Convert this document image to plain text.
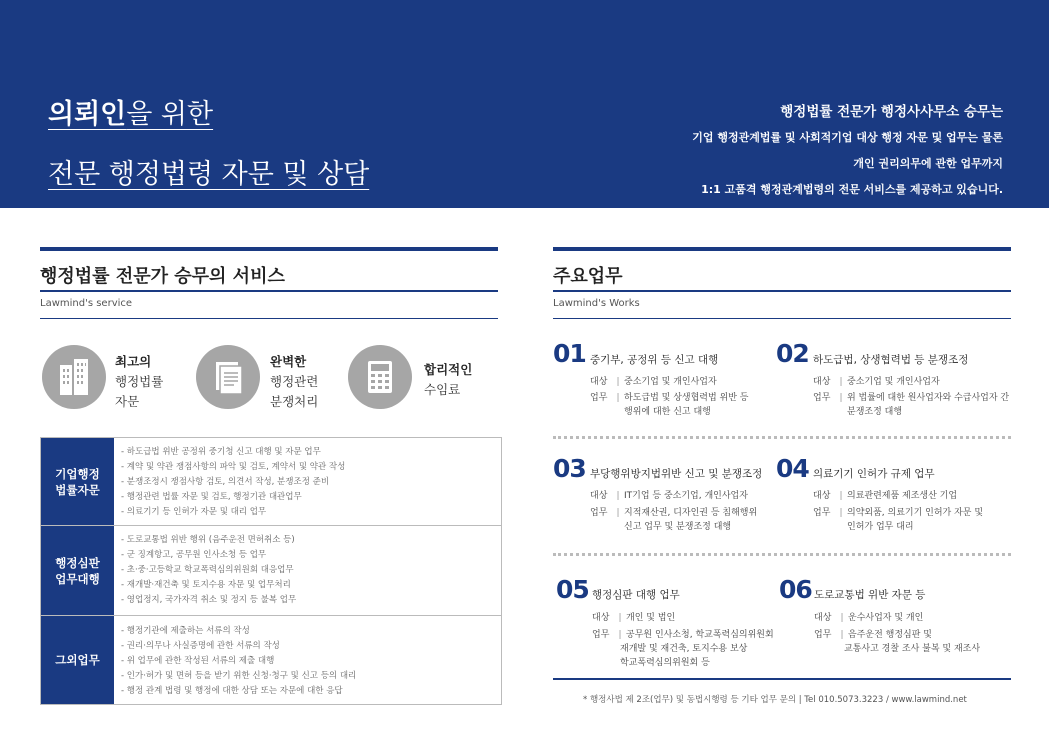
의뢰인을 위한
전문 행정법령 자문 및 상담
행정법률 전문가 행정사사무소 승무는
기업 행정관계법률 및 사회적기업 대상 행정 자문 및 업무는 물론
개인 권리의무에 관한 업무까지
1:1 고품격 행정관계법령의 전문 서비스를 제공하고 있습니다.
행정법률 전문가 승무의 서비스
Lawmind's service
최고의
행정법률
자문
완벽한
행정관련
분쟁처리
합리적인
수임료
기업행정
법률자문
- 하도급법 위반 공정위 중기청 신고 대행 및 자문 업무
- 계약 및 약관 쟁점사항의 파악 및 검토, 계약서 및 약관 작성
- 분쟁조정시 쟁점사항 검토, 의견서 작성, 분쟁조정 준비
- 행정관련 법률 자문 및 검토, 행정기관 대관업무
- 의료기기 등 인허가 자문 및 대리 업무
행정심판
업무대행
- 도로교통법 위반 행위 (음주운전 면허취소 등)
- 군 징계항고, 공무원 인사소청 등 업무
- 초·중·고등학교 학교폭력심의위원회 대응업무
- 재개발·재건축 및 토지수용 자문 및 업무처리
- 영업정지, 국가자격 취소 및 정지 등 불복 업무
그외업무
- 행정기관에 제출하는 서류의 작성
- 권리·의무나 사실증명에 관한 서류의 작성
- 위 업무에 관한 작성된 서류의 제출 대행
- 인가·허가 및 면허 등을 받기 위한 신청·청구 및 신고 등의 대리
- 행정 관계 법령 및 행정에 대한 상담 또는 자문에 대한 응답
주요업무
Lawmind's Works
01 중기부, 공정위 등 신고 대행
대상 | 중소기업 및 개인사업자
업무 | 하도급법 및 상생협력법 위반 등
행위에 대한 신고 대행
02 하도급법, 상생협력법 등 분쟁조정
대상 | 중소기업 및 개인사업자
업무 | 위 법률에 대한 원사업자와 수급사업자 간
분쟁조정 대행
03 부당행위방지법위반 신고 및 분쟁조정
대상 | IT기업 등 중소기업, 개인사업자
업무 | 지적재산권, 디자인권 등 침해행위
신고 업무 및 분쟁조정 대행
04 의료기기 인허가 규제 업무
대상 | 의료관련제품 제조생산 기업
업무 | 의약외품, 의료기기 인허가 자문 및
인허가 업무 대리
05 행정심판 대행 업무
대상 | 개인 및 법인
업무 | 공무원 인사소청, 학교폭력심의위원회
재개발 및 재건축, 토지수용 보상
학교폭력심의위원회 등
06 도로교통법 위반 자문 등
대상 | 운수사업자 및 개인
업무 | 음주운전 행정심판 및
교통사고 경찰 조사 불복 및 재조사
* 행정사법 제 2조(업무) 및 동법시행령 등 기타 업무 문의 | Tel 010.5073.3223 / www.lawmind.net
